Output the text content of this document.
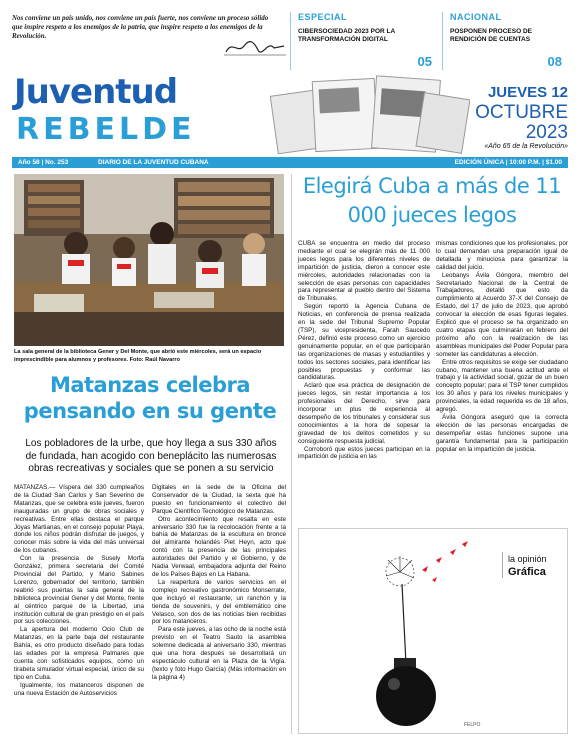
Nos conviene un país unido, nos conviene un país fuerte, nos conviene un proceso sólido que inspire respeto a los enemigos de la patria, que inspire respeto a los enemigos de la Revolución.
ESPECIAL
CIBERSOCIEDAD 2023 POR LA TRANSFORMACIÓN DIGITAL
05
NACIONAL
POSPONEN PROCESO DE RENDICIÓN DE CUENTAS
08
Juventud
REBELDE
JUEVES 12
OCTUBRE
2023
«Año 65 de la Revolución»
Año 58 | No. 253	DIARIO DE LA JUVENTUD CUBANA	EDICIÓN ÚNICA | 10:00 P.M. | $1.00
La sala general de la biblioteca Gener y Del Monte, que abrió este miércoles, será un espacio imprescindible para alumnos y profesores. Foto: Raúl Navarro
Matanzas celebra pensando en su gente
Los pobladores de la urbe, que hoy llega a sus 330 años de fundada, han acogido con beneplácito las numerosas obras recreativas y sociales que se ponen a su servicio

MATANZAS.— Víspera del 330 cumpleaños de la Ciudad San Carlos y San Severino de Matanzas, que se celebra este jueves, fueron inauguradas un grupo de obras sociales y recreativas. Entre ellas destaca el parque Joyas Martianas, en el consejo popular Playa, donde los niños podrán disfrutar de juegos, y conocer más sobre la vida del más universal de los cubanos.

Con la presencia de Susely Morfa González, primera secretaria del Comité Provincial del Partido, y Mario Sabines Lorenzo, gobernador del territorio, también reabrió sus puertas la sala general de la biblioteca provincial Gener y del Monte, frente al céntrico parque de la Libertad, una institución cultural de gran prestigio en el país por sus colecciones.

La apertura del moderno Ocio Club de Matanzas, en la parte baja del restaurante Bahía, es otro producto diseñado para todas las edades por la empresa Palmares que cuenta con sofisticados equipos, como un tirabeta simulador virtual especial, único de su tipo en Cuba.

Igualmente, los matanceros disponen de una nueva Estación de Autoservicios

Digitales en la sede de la Oficina del Conservador de la Ciudad, la sexta que ha puesto en funcionamiento el colectivo del Parque Científico Tecnológico de Matanzas.

Otro acontecimiento que resalta en este aniversario 330 fue la recolocación frente a la bahía de Matanzas de la escultura en bronce del almirante holandés Piet Heyn, acto que contó con la presencia de las principales autoridades del Partido y el Gobierno, y de Nadia Verwaal, embajadora adjunta del Reino de los Países Bajos en La Habana.

La reapertura de varios servicios en el complejo recreativo gastronómico Monserrate, que incluyó el restaurante, un ranchón y la tienda de souvenirs, y del emblemático cine Velasco, son dos de las noticias bien recibidas por los matanceros.

Para este jueves, a las ocho de la noche está previsto en el Teatro Sauto la asamblea solemne dedicada al aniversario 330, mientras que una hora después se desarrollará un espectáculo cultural en la Plaza de la Vigía. (texto y foto Hugo García) (Más información en la página 4)

Elegirá Cuba a más de 11 000 jueces legos

CUBA se encuentra en medio del proceso mediante el cual se elegirán más de 11 000 jueces legos para los diferentes niveles de impartición de justicia, dieron a conocer este miércoles, autoridades relacionadas con la selección de esas personas con capacidades para representar al pueblo dentro del Sistema de Tribunales.

Según reportó la Agencia Cubana de Noticias, en conferencia de prensa realizada en la sede del Tribunal Supremo Popular (TSP), su vicepresidenta, Farah Saucedo Pérez, definió este proceso como un ejercicio genuinamente popular, en el que participarán las organizaciones de masas y estudiantiles y todos los sectores sociales, para identificar las posibles propuestas y conformar las candidaturas.

Aclaró que esa práctica de designación de jueces legos, sin restar importancia a los profesionales del Derecho, sirve para incorporar un plus de experiencia al desempeño de los tribunales y considerar sus conocimientos a la hora de sopesar la gravedad de los delitos cometidos y su consiguiente respuesta judicial.

Corroboró que estos jueces participan en la impartición de justicia en las

mismas condiciones que los profesionales, por lo cual demandan una preparación igual de detallada y minuciosa para garantizar la calidad del juicio.

Leobanys Ávila Góngora, miembro del Secretariado Nacional de la Central de Trabajadores, detalló que esto da cumplimiento al Acuerdo 37-X del Consejo de Estado, del 17 de julio de 2023, que aprobó convocar la elección de esas figuras legales. Explicó que el proceso se ha organizado en cuatro etapas que culminarán en febrero del próximo año con la realización de las asambleas municipales del Poder Popular para someter las candidaturas a elección.

Entre otros requisitos se exige ser ciudadano cubano, mantener una buena actitud ante el trabajo y la actividad social, gozar de un buen concepto popular; para el TSP tener cumplidos los 30 años y para los niveles municipales y provinciales, la edad requerida es de 18 años, agregó.

Ávila Góngora aseguró que la correcta elección de las personas encargadas de desempeñar estas funciones supone una garantía fundamental para la participación popular en la impartición de justicia.

FELPO
la opinión
Gráfica
